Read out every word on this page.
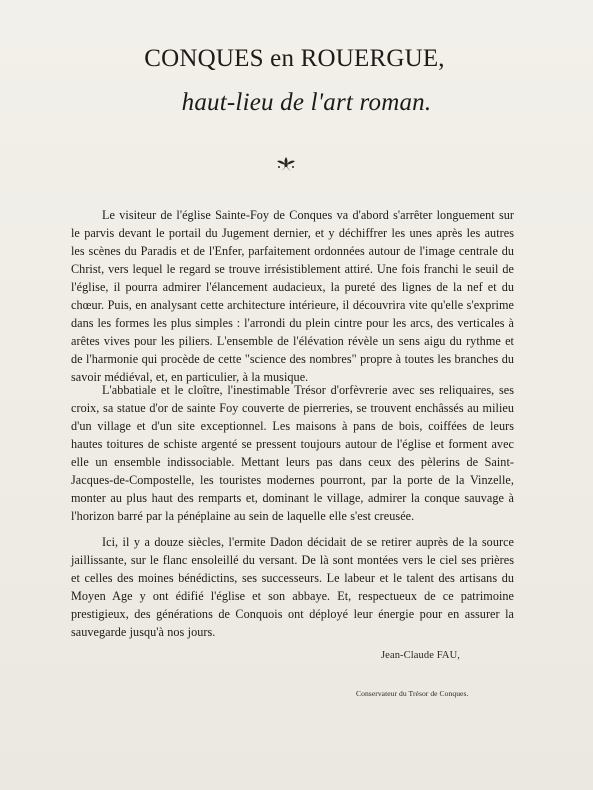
CONQUES en ROUERGUE,
haut-lieu de l'art roman.

Le visiteur de l'église Sainte-Foy de Conques va d'abord s'arrêter longuement sur le parvis devant le portail du Jugement dernier, et y déchiffrer les unes après les autres les scènes du Paradis et de l'Enfer, parfaitement ordonnées autour de l'image centrale du Christ, vers lequel le regard se trouve irrésistiblement attiré. Une fois franchi le seuil de l'église, il pourra admirer l'élancement audacieux, la pureté des lignes de la nef et du chœur. Puis, en analysant cette architecture intérieure, il découvrira vite qu'elle s'exprime dans les formes les plus simples : l'arrondi du plein cintre pour les arcs, des verticales à arêtes vives pour les piliers. L'ensemble de l'élévation révèle un sens aigu du rythme et de l'harmonie qui procède de cette "science des nombres" propre à toutes les branches du savoir médiéval, et, en particulier, à la musique.

L'abbatiale et le cloître, l'inestimable Trésor d'orfèvrerie avec ses reliquaires, ses croix, sa statue d'or de sainte Foy couverte de pierreries, se trouvent enchâssés au milieu d'un village et d'un site exceptionnel. Les maisons à pans de bois, coiffées de leurs hautes toitures de schiste argenté se pressent toujours autour de l'église et forment avec elle un ensemble indissociable. Mettant leurs pas dans ceux des pèlerins de Saint-Jacques-de-Compostelle, les touristes modernes pourront, par la porte de la Vinzelle, monter au plus haut des remparts et, dominant le village, admirer la conque sauvage à l'horizon barré par la pénéplaine au sein de laquelle elle s'est creusée.

Ici, il y a douze siècles, l'ermite Dadon décidait de se retirer auprès de la source jaillissante, sur le flanc ensoleillé du versant. De là sont montées vers le ciel ses prières et celles des moines bénédictins, ses successeurs. Le labeur et le talent des artisans du Moyen Age y ont édifié l'église et son abbaye. Et, respectueux de ce patrimoine prestigieux, des générations de Conquois ont déployé leur énergie pour en assurer la sauvegarde jusqu'à nos jours.

Jean-Claude FAU,
Conservateur du Trésor de Conques.
